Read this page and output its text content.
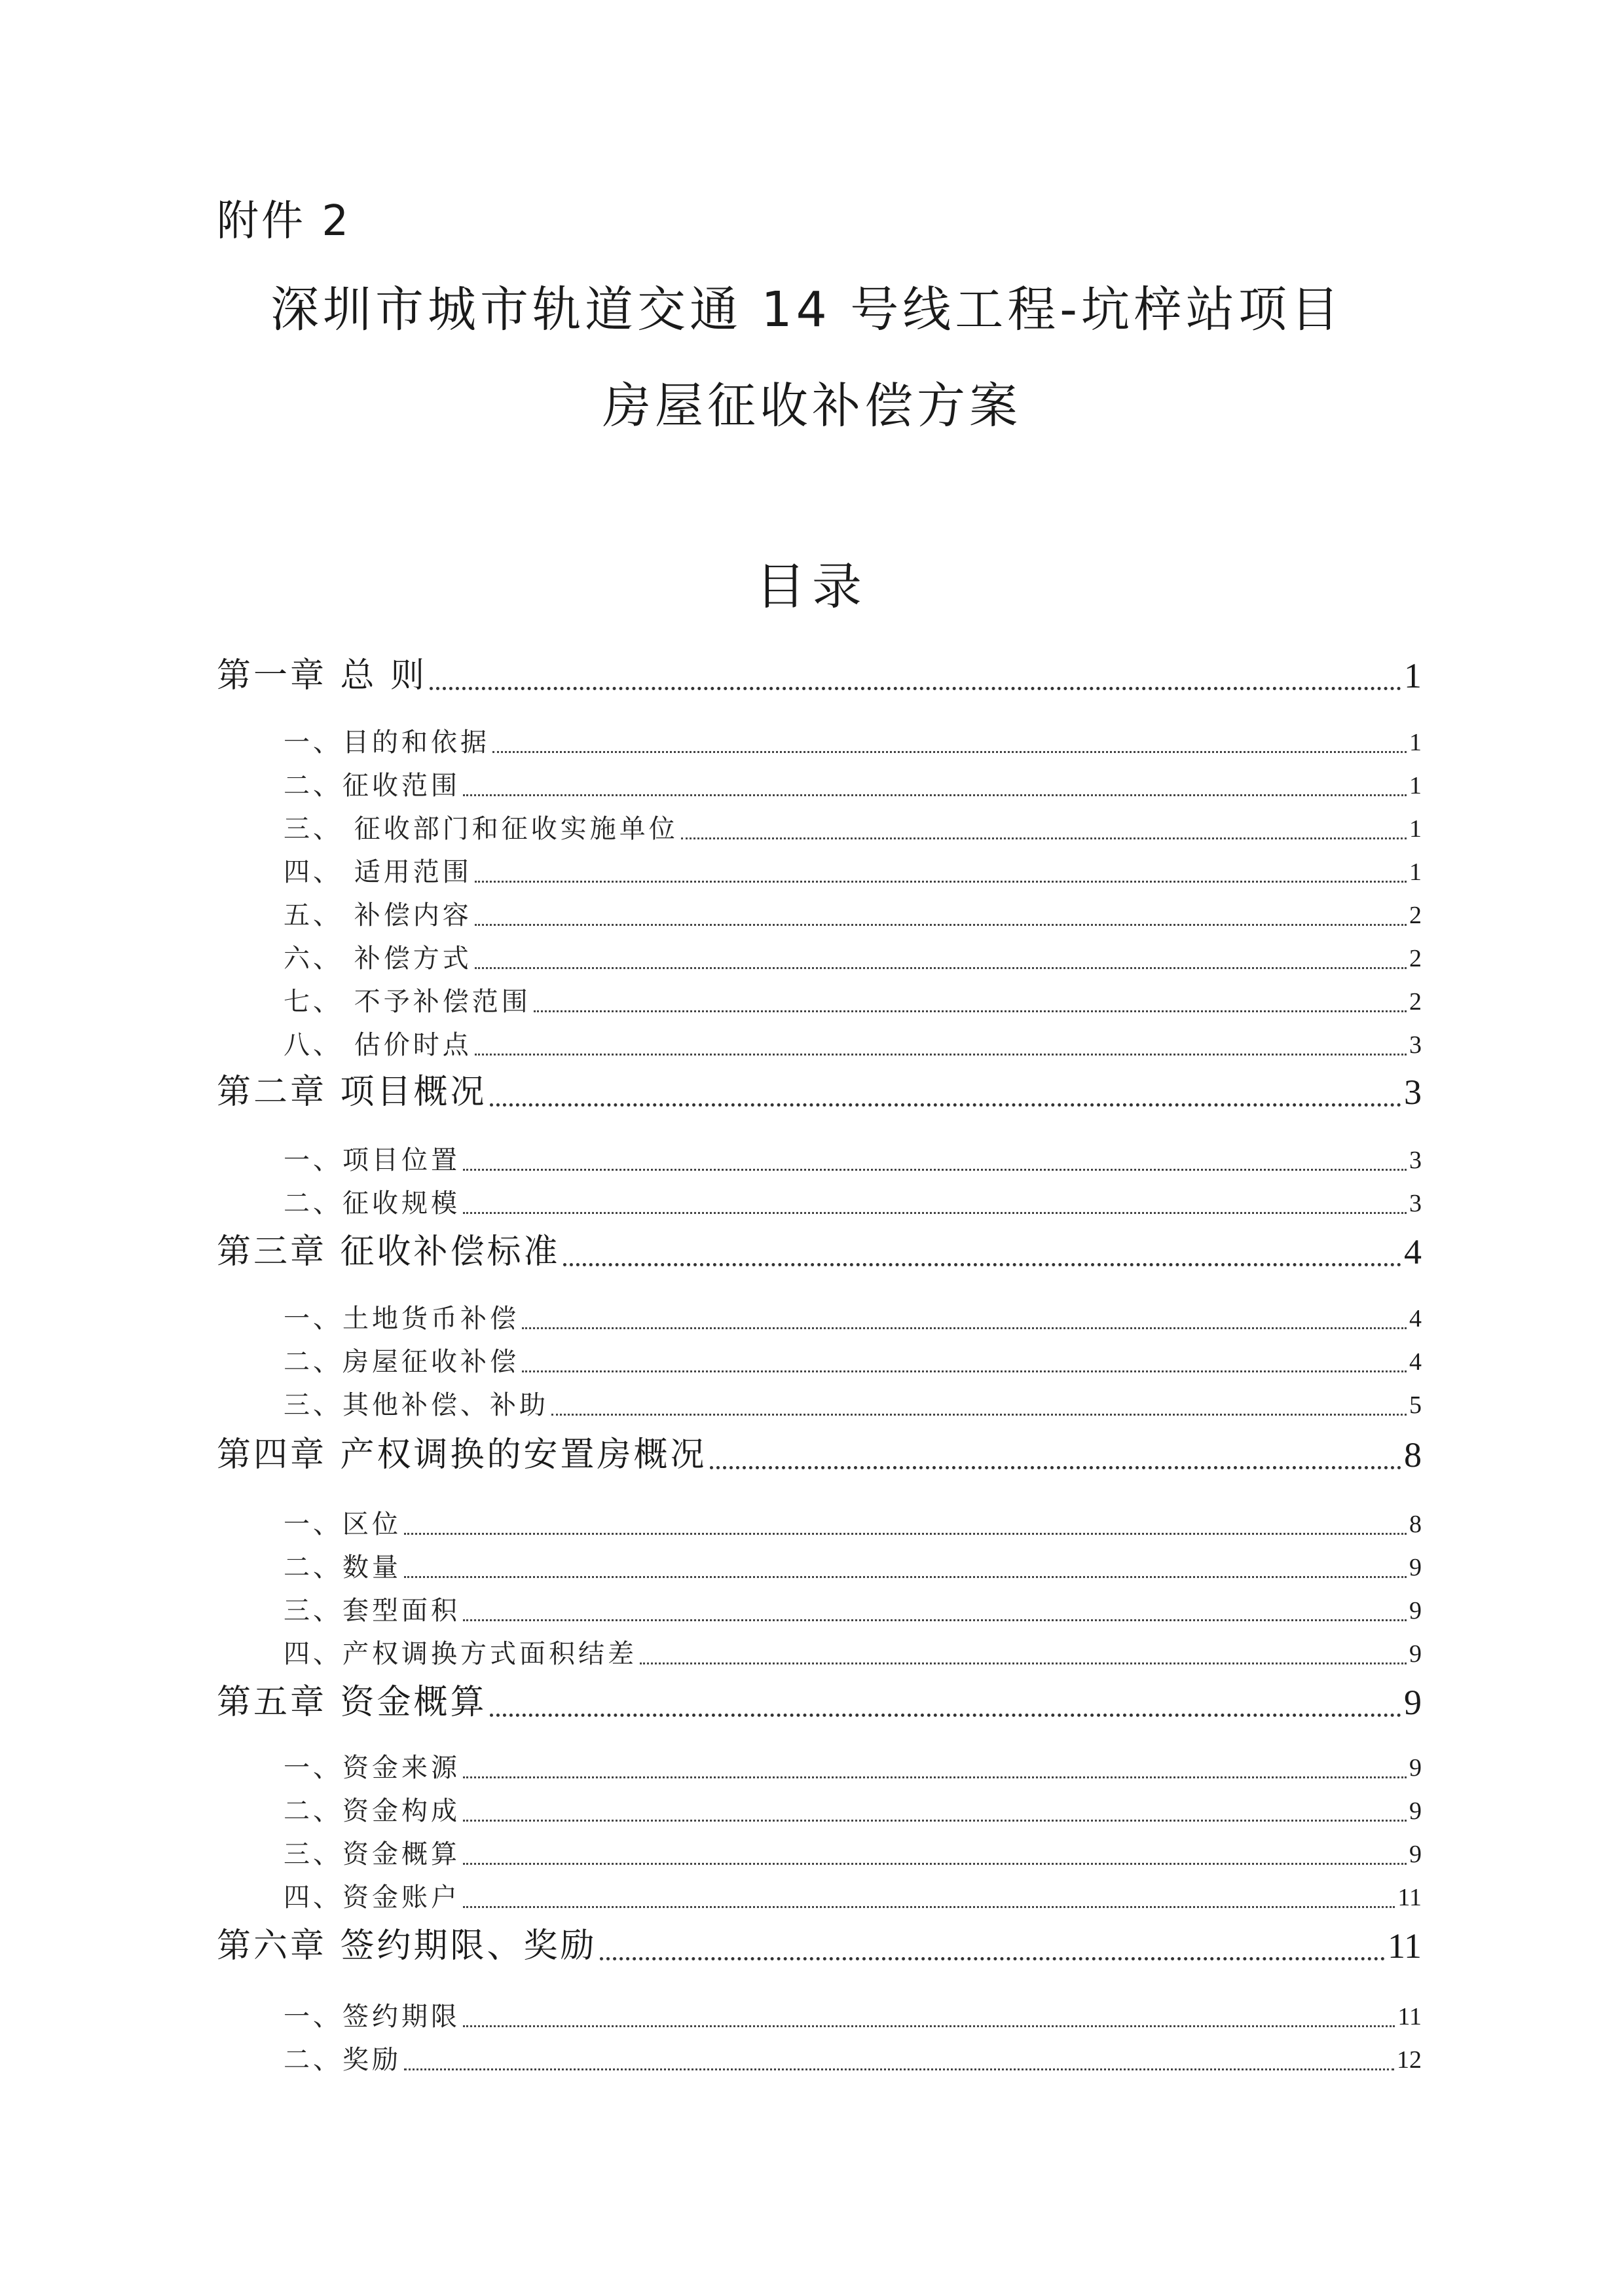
附件 2
深圳市城市轨道交通 14 号线工程-坑梓站项目
房屋征收补偿方案
目录
第一章 总 则	1
一、目的和依据	1
二、征收范围	1
三、 征收部门和征收实施单位	1
四、 适用范围	1
五、 补偿内容	2
六、 补偿方式	2
七、 不予补偿范围	2
八、 估价时点	3
第二章 项目概况	3
一、项目位置	3
二、征收规模	3
第三章 征收补偿标准	4
一、土地货币补偿	4
二、房屋征收补偿	4
三、其他补偿、补助	5
第四章 产权调换的安置房概况	8
一、区位	8
二、数量	9
三、套型面积	9
四、产权调换方式面积结差	9
第五章 资金概算	9
一、资金来源	9
二、资金构成	9
三、资金概算	9
四、资金账户	11
第六章 签约期限、奖励	11
一、签约期限	11
二、奖励	12
